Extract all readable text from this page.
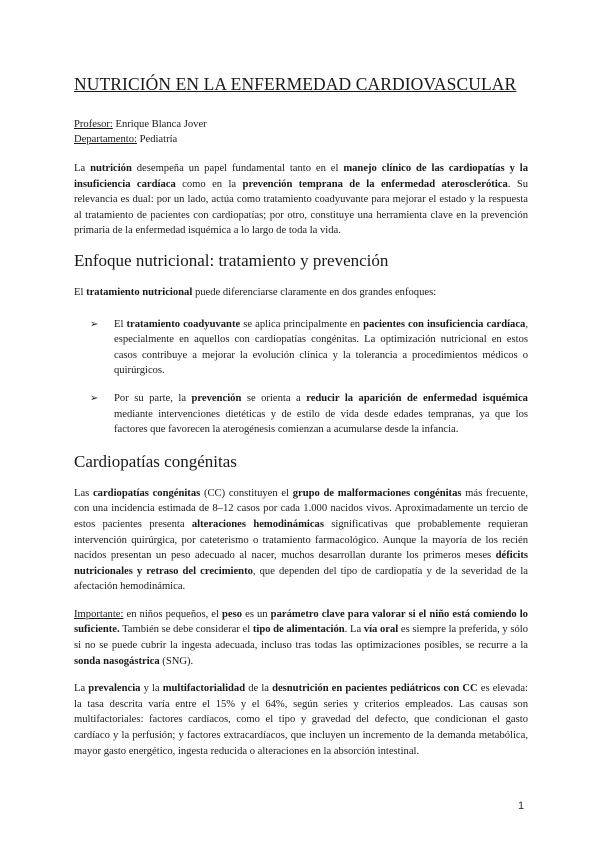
NUTRICIÓN EN LA ENFERMEDAD CARDIOVASCULAR
Profesor: Enrique Blanca Jover
Departamento: Pediatría

La nutrición desempeña un papel fundamental tanto en el manejo clínico de las cardiopatías y la insuficiencia cardíaca como en la prevención temprana de la enfermedad aterosclerótica. Su relevancia es dual: por un lado, actúa como tratamiento coadyuvante para mejorar el estado y la respuesta al tratamiento de pacientes con cardiopatías; por otro, constituye una herramienta clave en la prevención primaria de la enfermedad isquémica a lo largo de toda la vida.

Enfoque nutricional: tratamiento y prevención

El tratamiento nutricional puede diferenciarse claramente en dos grandes enfoques:

➢ El tratamiento coadyuvante se aplica principalmente en pacientes con insuficiencia cardíaca, especialmente en aquellos con cardiopatías congénitas. La optimización nutricional en estos casos contribuye a mejorar la evolución clínica y la tolerancia a procedimientos médicos o quirúrgicos.
➢ Por su parte, la prevención se orienta a reducir la aparición de enfermedad isquémica mediante intervenciones dietéticas y de estilo de vida desde edades tempranas, ya que los factores que favorecen la aterogénesis comienzan a acumularse desde la infancia.
Cardiopatías congénitas

Las cardiopatías congénitas (CC) constituyen el grupo de malformaciones congénitas más frecuente, con una incidencia estimada de 8–12 casos por cada 1.000 nacidos vivos. Aproximadamente un tercio de estos pacientes presenta alteraciones hemodinámicas significativas que probablemente requieran intervención quirúrgica, por cateterismo o tratamiento farmacológico. Aunque la mayoría de los recién nacidos presentan un peso adecuado al nacer, muchos desarrollan durante los primeros meses déficits nutricionales y retraso del crecimiento, que dependen del tipo de cardiopatía y de la severidad de la afectación hemodinámica.

Importante: en niños pequeños, el peso es un parámetro clave para valorar si el niño está comiendo lo suficiente. También se debe considerar el tipo de alimentación. La vía oral es siempre la preferida, y sólo si no se puede cubrir la ingesta adecuada, incluso tras todas las optimizaciones posibles, se recurre a la sonda nasogástrica (SNG).

La prevalencia y la multifactorialidad de la desnutrición en pacientes pediátricos con CC es elevada: la tasa descrita varía entre el 15% y el 64%, según series y criterios empleados. Las causas son multifactoriales: factores cardíacos, como el tipo y gravedad del defecto, que condicionan el gasto cardíaco y la perfusión; y factores extracardíacos, que incluyen un incremento de la demanda metabólica, mayor gasto energético, ingesta reducida o alteraciones en la absorción intestinal.

1
